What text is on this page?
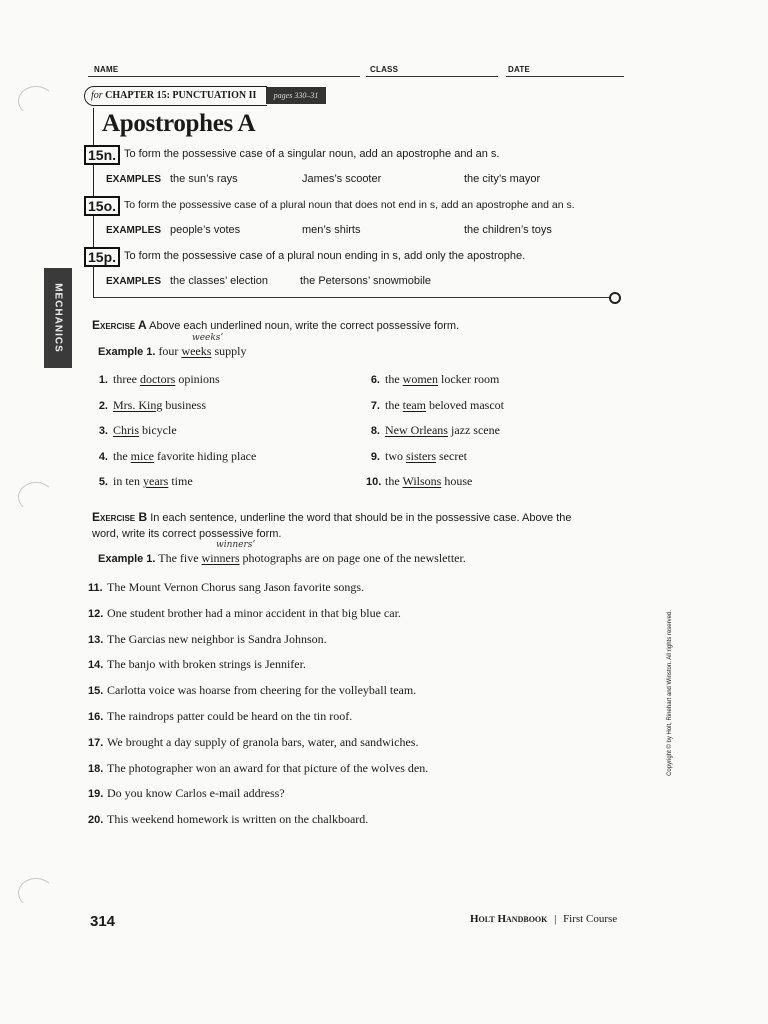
NAME	CLASS	DATE
for CHAPTER 15: PUNCTUATION II	pages 330–31
Apostrophes A
15n. To form the possessive case of a singular noun, add an apostrophe and an s.
EXAMPLES the sun’s rays	James’s scooter	the city’s mayor
15o. To form the possessive case of a plural noun that does not end in s, add an apostrophe and an s.
EXAMPLES people’s votes	men’s shirts	the children’s toys
15p. To form the possessive case of a plural noun ending in s, add only the apostrophe.
EXAMPLES the classes’ election	the Petersons’ snowmobile
MECHANICS Exercise A Above each underlined noun, write the correct possessive form.
weeks’
Example 1. four weeks supply
1. three doctors opinions
2. Mrs. King business
3. Chris bicycle
4. the mice favorite hiding place
5. in ten years time
6. the women locker room
7. the team beloved mascot
8. New Orleans jazz scene
9. two sisters secret
10. the Wilsons house
Exercise B In each sentence, underline the word that should be in the possessive case. Above the
word, write its correct possessive form.
winners’
Example 1. The five winners photographs are on page one of the newsletter.
11. The Mount Vernon Chorus sang Jason favorite songs.
12. One student brother had a minor accident in that big blue car.
13. The Garcias new neighbor is Sandra Johnson.
14. The banjo with broken strings is Jennifer.
15. Carlotta voice was hoarse from cheering for the volleyball team.
16. The raindrops patter could be heard on the tin roof.
17. We brought a day supply of granola bars, water, and sandwiches.
18. The photographer won an award for that picture of the wolves den.
19. Do you know Carlos e-mail address?
20. This weekend homework is written on the chalkboard.
Copyright © by Holt, Rinehart and Winston. All rights reserved.
314	Holt Handbook | First Course
